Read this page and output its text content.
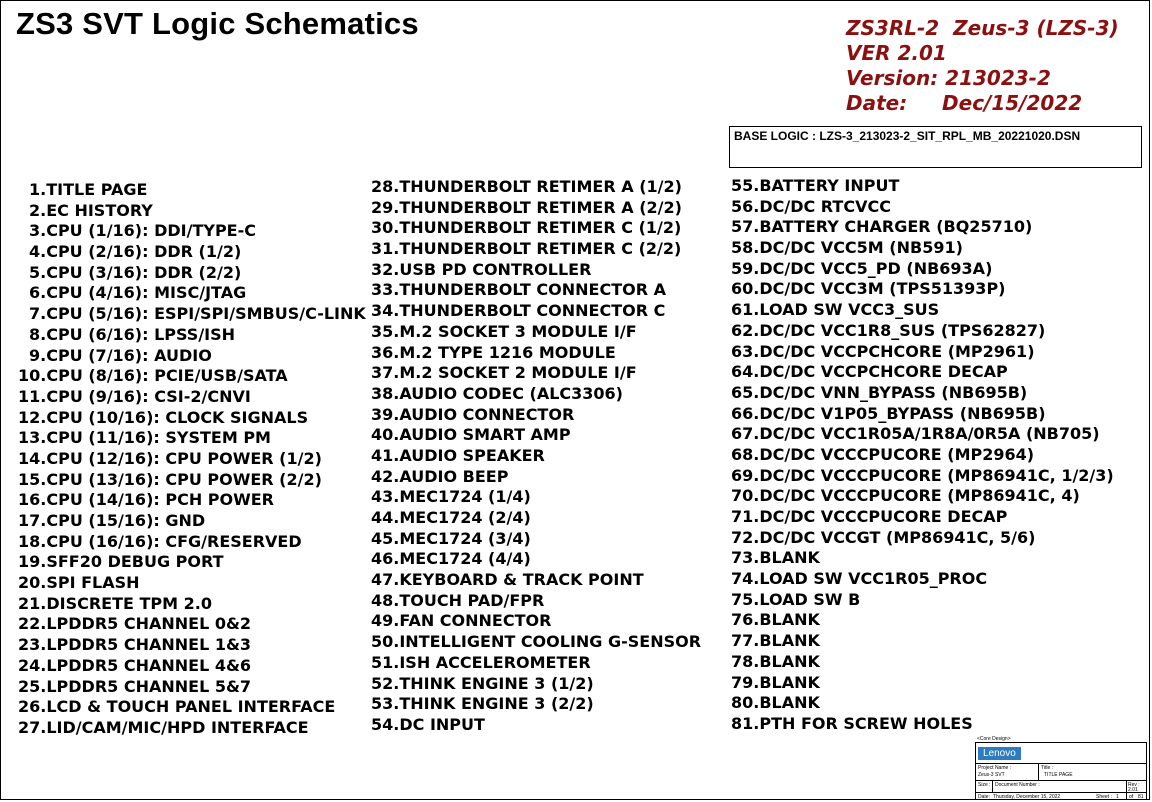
ZS3 SVT Logic Schematics	ZS3RL-2  Zeus-3 (LZS-3)
VER 2.01
Version: 213023-2
Date:     Dec/15/2022
BASE LOGIC : LZS-3_213023-2_SIT_RPL_MB_20221020.DSN
1.TITLE PAGE
2.EC HISTORY
3.CPU (1/16): DDI/TYPE-C
4.CPU (2/16): DDR (1/2)
5.CPU (3/16): DDR (2/2)
6.CPU (4/16): MISC/JTAG
7.CPU (5/16): ESPI/SPI/SMBUS/C-LINK
8.CPU (6/16): LPSS/ISH
9.CPU (7/16): AUDIO
10.CPU (8/16): PCIE/USB/SATA
11.CPU (9/16): CSI-2/CNVI
12.CPU (10/16): CLOCK SIGNALS
13.CPU (11/16): SYSTEM PM
14.CPU (12/16): CPU POWER (1/2)
15.CPU (13/16): CPU POWER (2/2)
16.CPU (14/16): PCH POWER
17.CPU (15/16): GND
18.CPU (16/16): CFG/RESERVED
19.SFF20 DEBUG PORT
20.SPI FLASH
21.DISCRETE TPM 2.0
22.LPDDR5 CHANNEL 0&2
23.LPDDR5 CHANNEL 1&3
24.LPDDR5 CHANNEL 4&6
25.LPDDR5 CHANNEL 5&7
26.LCD & TOUCH PANEL INTERFACE
27.LID/CAM/MIC/HPD INTERFACE
28.THUNDERBOLT RETIMER A (1/2)
29.THUNDERBOLT RETIMER A (2/2)
30.THUNDERBOLT RETIMER C (1/2)
31.THUNDERBOLT RETIMER C (2/2)
32.USB PD CONTROLLER
33.THUNDERBOLT CONNECTOR A
34.THUNDERBOLT CONNECTOR C
35.M.2 SOCKET 3 MODULE I/F
36.M.2 TYPE 1216 MODULE
37.M.2 SOCKET 2 MODULE I/F
38.AUDIO CODEC (ALC3306)
39.AUDIO CONNECTOR
40.AUDIO SMART AMP
41.AUDIO SPEAKER
42.AUDIO BEEP
43.MEC1724 (1/4)
44.MEC1724 (2/4)
45.MEC1724 (3/4)
46.MEC1724 (4/4)
47.KEYBOARD & TRACK POINT
48.TOUCH PAD/FPR
49.FAN CONNECTOR
50.INTELLIGENT COOLING G-SENSOR
51.ISH ACCELEROMETER
52.THINK ENGINE 3 (1/2)
53.THINK ENGINE 3 (2/2)
54.DC INPUT
55.BATTERY INPUT
56.DC/DC RTCVCC
57.BATTERY CHARGER (BQ25710)
58.DC/DC VCC5M (NB591)
59.DC/DC VCC5_PD (NB693A)
60.DC/DC VCC3M (TPS51393P)
61.LOAD SW VCC3_SUS
62.DC/DC VCC1R8_SUS (TPS62827)
63.DC/DC VCCPCHCORE (MP2961)
64.DC/DC VCCPCHCORE DECAP
65.DC/DC VNN_BYPASS (NB695B)
66.DC/DC V1P05_BYPASS (NB695B)
67.DC/DC VCC1R05A/1R8A/0R5A (NB705)
68.DC/DC VCCCPUCORE (MP2964)
69.DC/DC VCCCPUCORE (MP86941C, 1/2/3)
70.DC/DC VCCCPUCORE (MP86941C, 4)
71.DC/DC VCCCPUCORE DECAP
72.DC/DC VCCGT (MP86941C, 5/6)
73.BLANK
74.LOAD SW VCC1R05_PROC
75.LOAD SW B
76.BLANK
77.BLANK
78.BLANK
79.BLANK
80.BLANK
81.PTH FOR SCREW HOLES
<Core Design>
Lenovo
Project Name :
Zeus-3 SVT
Title :
TITLE PAGE
Size : Document Number :	Rev :
2.01
Date: Thursday, December 15, 2022	Sheet : 1 of 81
